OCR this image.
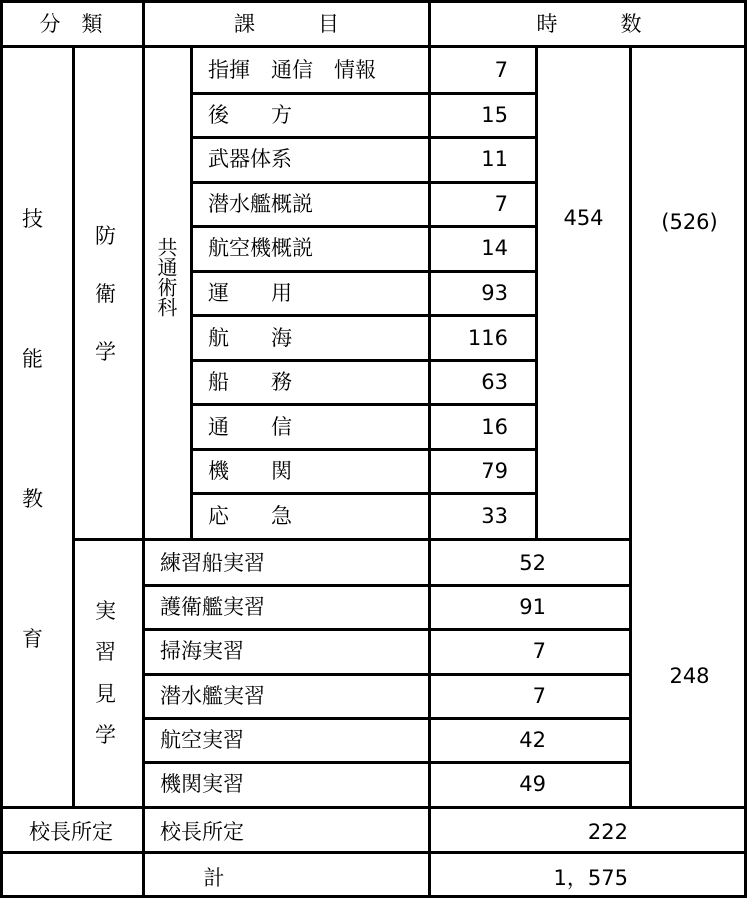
分　類	課　　　目	時　　　数
技
能
教
育
防
衛
学
共通術科
454	(526)
指揮　通信　情報	7
後　　方	15
武器体系	11
潜水艦概説	7
航空機概説	14
運　　用	93
航　　海	116
船　　務	63
通　　信	16
機　　関	79
応　　急	33
実
習
見
学
248
練習船実習	52
護衛艦実習	91
掃海実習	7
潜水艦実習	7
航空実習	42
機関実習	49
校長所定	校長所定	222
計	1，575
